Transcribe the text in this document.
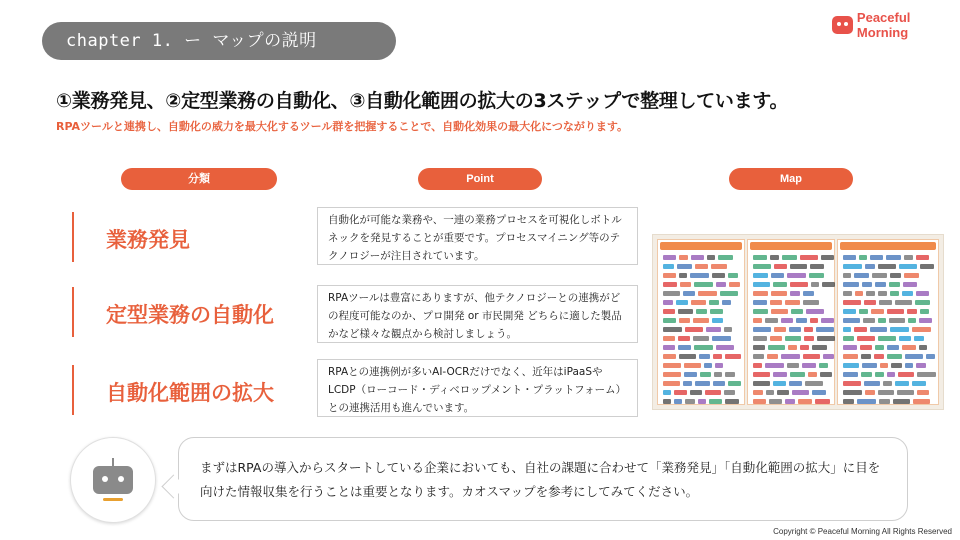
chapter 1. ー マップの説明
Peaceful Morning
①業務発見、②定型業務の自動化、③自動化範囲の拡大の3ステップで整理しています。
RPAツールと連携し、自動化の威力を最大化するツール群を把握することで、自動化効果の最大化につながります。
分類	Point	Map
業務発見
定型業務の自動化
自動化範囲の拡大
自動化が可能な業務や、一連の業務プロセスを可視化しボトルネックを発見することが重要です。プロセスマイニング等のテクノロジーが注目されています。
RPAツールは豊富にありますが、他テクノロジーとの連携がどの程度可能なのか、プロ開発 or 市民開発 どちらに適した製品かなど様々な観点から検討しましょう。
RPAとの連携例が多いAI-OCRだけでなく、近年はiPaaSやLCDP（ローコード・ディベロップメント・プラットフォーム）との連携活用も進んでいます。
まずはRPAの導入からスタートしている企業においても、自社の課題に合わせて「業務発見」「自動化範囲の拡大」に目を向けた情報収集を行うことは重要となります。カオスマップを参考にしてみてください。
Copyright © Peaceful Morning All Rights Reserved
